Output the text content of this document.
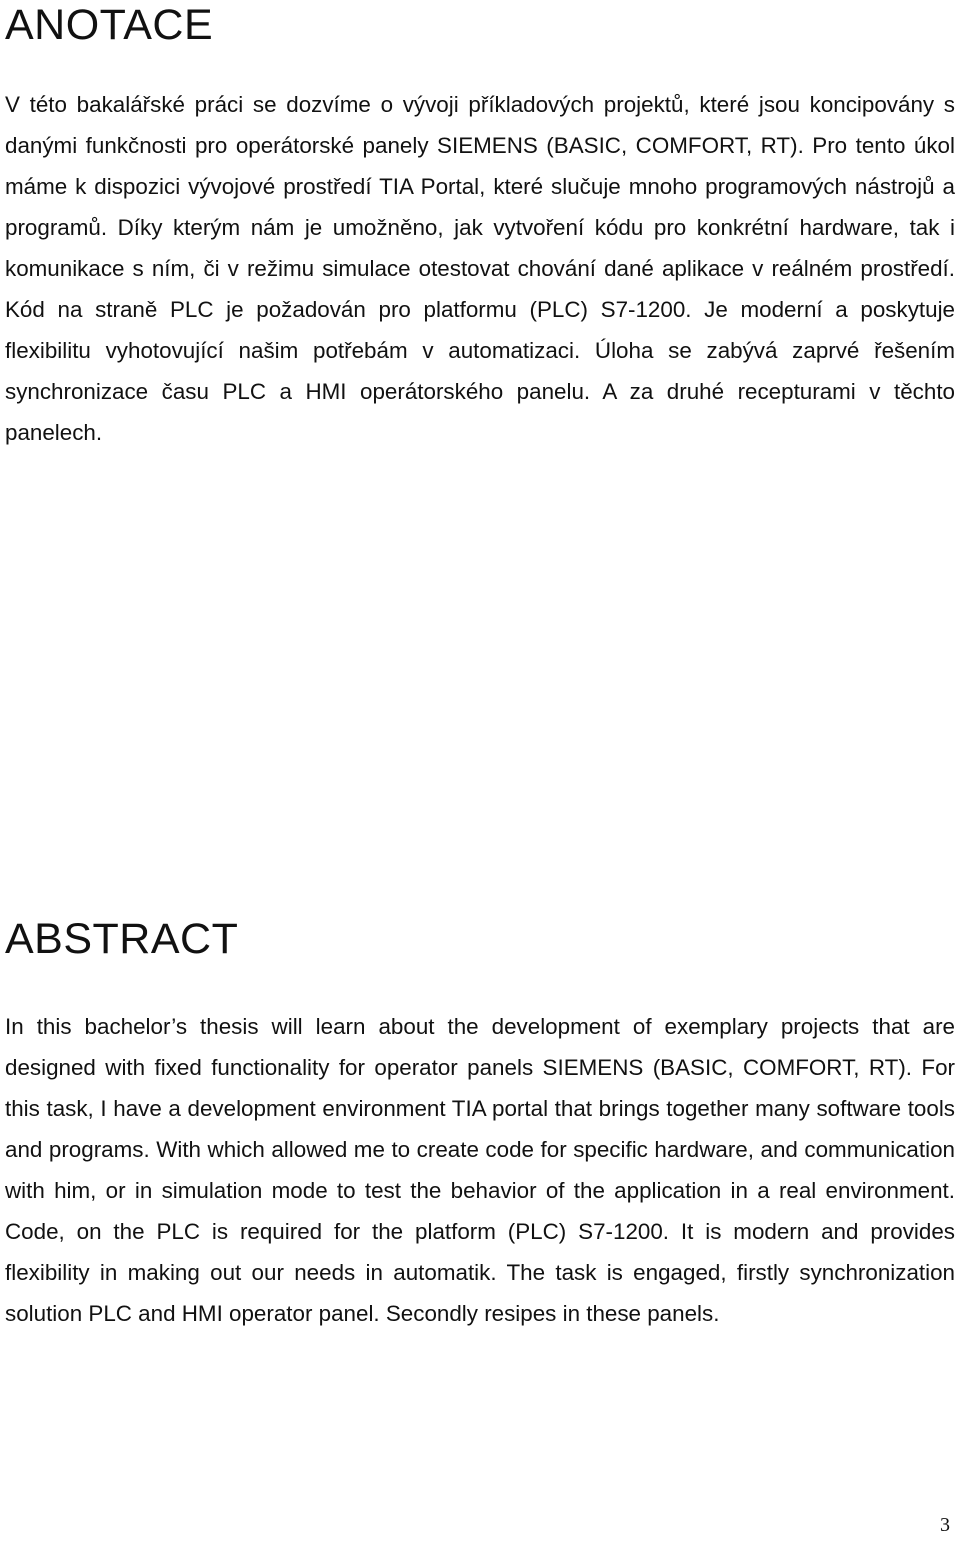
ANOTACE

V této bakalářské práci se dozvíme o vývoji příkladových projektů, které jsou koncipovány s danými funkčnosti pro operátorské panely SIEMENS (BASIC, COMFORT, RT). Pro tento úkol máme k dispozici vývojové prostředí TIA Portal, které slučuje mnoho programových nástrojů a programů. Díky kterým nám je umožněno, jak vytvoření kódu pro konkrétní hardware, tak i komunikace s ním, či v režimu simulace otestovat chování dané aplikace v reálném prostředí. Kód na straně PLC je požadován pro platformu (PLC) S7-1200. Je moderní a poskytuje flexibilitu vyhotovující našim potřebám v automatizaci. Úloha se zabývá zaprvé řešením synchronizace času PLC a HMI operátorského panelu. A za druhé recepturami v těchto panelech.

ABSTRACT

In this bachelor’s thesis will learn about the development of exemplary projects that are designed with fixed functionality for operator panels SIEMENS (BASIC, COMFORT, RT). For this task, I have a development environment TIA portal that brings together many software tools and programs. With which allowed me to create code for specific hardware, and communication with him, or in simulation mode to test the behavior of the application in a real environment. Code, on the PLC is required for the platform (PLC) S7-1200. It is modern and provides flexibility in making out our needs in automatik. The task is engaged, firstly synchronization solution PLC and HMI operator panel. Secondly resipes in these panels.

3
